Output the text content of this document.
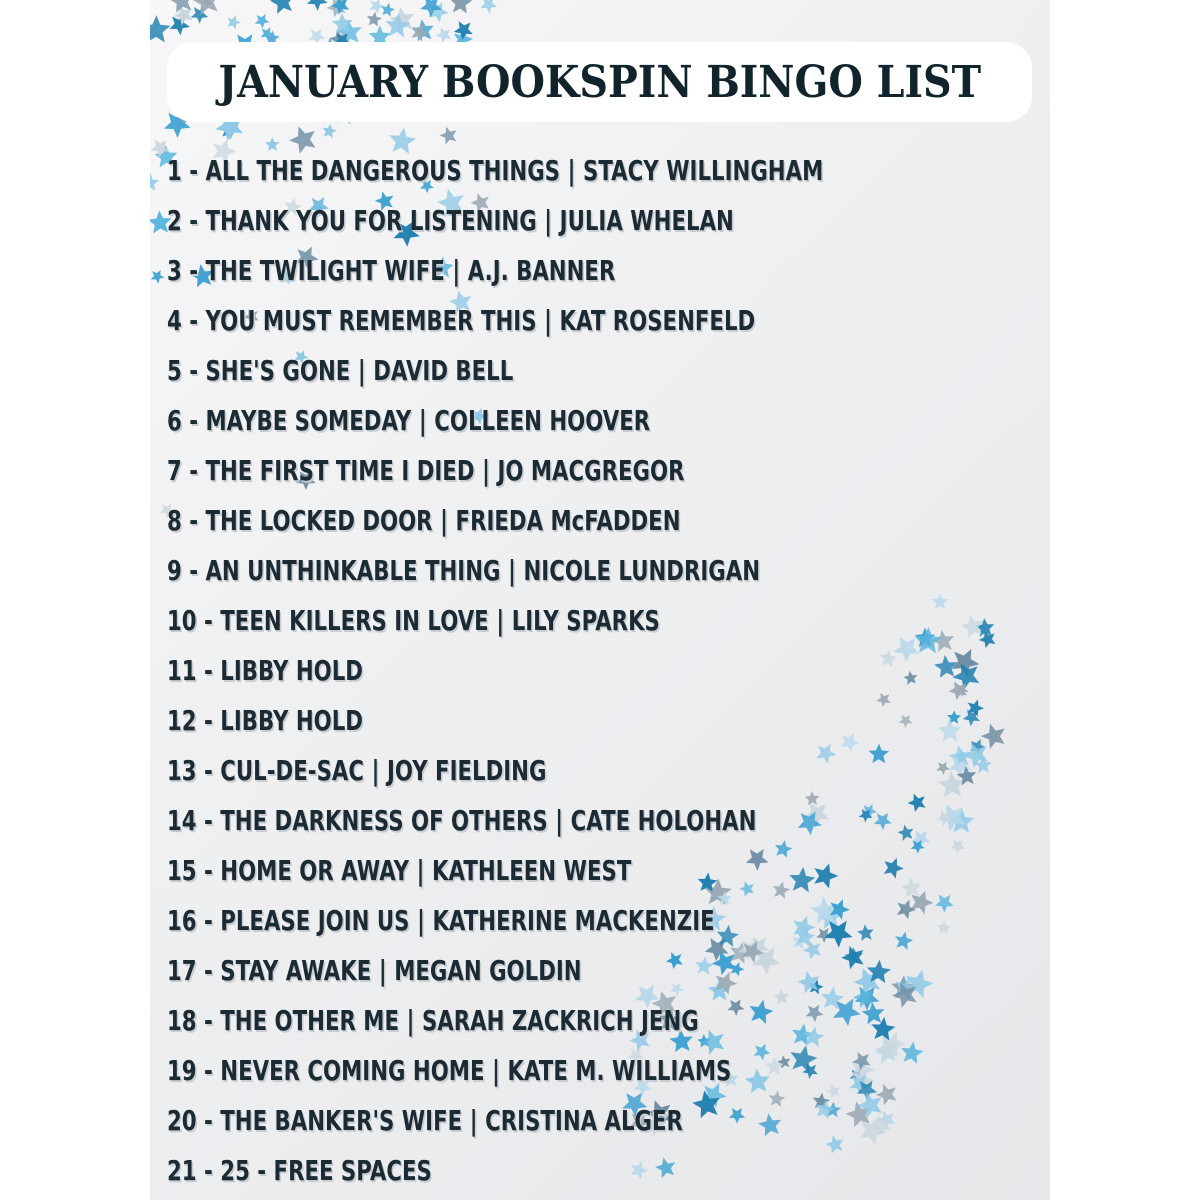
JANUARY BOOKSPIN BINGO LIST
1 - ALL THE DANGEROUS THINGS | STACY WILLINGHAM
2 - THANK YOU FOR LISTENING | JULIA WHELAN
3 - THE TWILIGHT WIFE | A.J. BANNER
4 - YOU MUST REMEMBER THIS | KAT ROSENFELD
5 - SHE'S GONE | DAVID BELL
6 - MAYBE SOMEDAY | COLLEEN HOOVER
7 - THE FIRST TIME I DIED | JO MACGREGOR
8 - THE LOCKED DOOR | FRIEDA McFADDEN
9 - AN UNTHINKABLE THING | NICOLE LUNDRIGAN
10 - TEEN KILLERS IN LOVE | LILY SPARKS
11 - LIBBY HOLD
12 - LIBBY HOLD
13 - CUL-DE-SAC | JOY FIELDING
14 - THE DARKNESS OF OTHERS | CATE HOLOHAN
15 - HOME OR AWAY | KATHLEEN WEST
16 - PLEASE JOIN US | KATHERINE MACKENZIE
17 - STAY AWAKE | MEGAN GOLDIN
18 - THE OTHER ME | SARAH ZACKRICH JENG
19 - NEVER COMING HOME | KATE M. WILLIAMS
20 - THE BANKER'S WIFE | CRISTINA ALGER
21 - 25 - FREE SPACES
